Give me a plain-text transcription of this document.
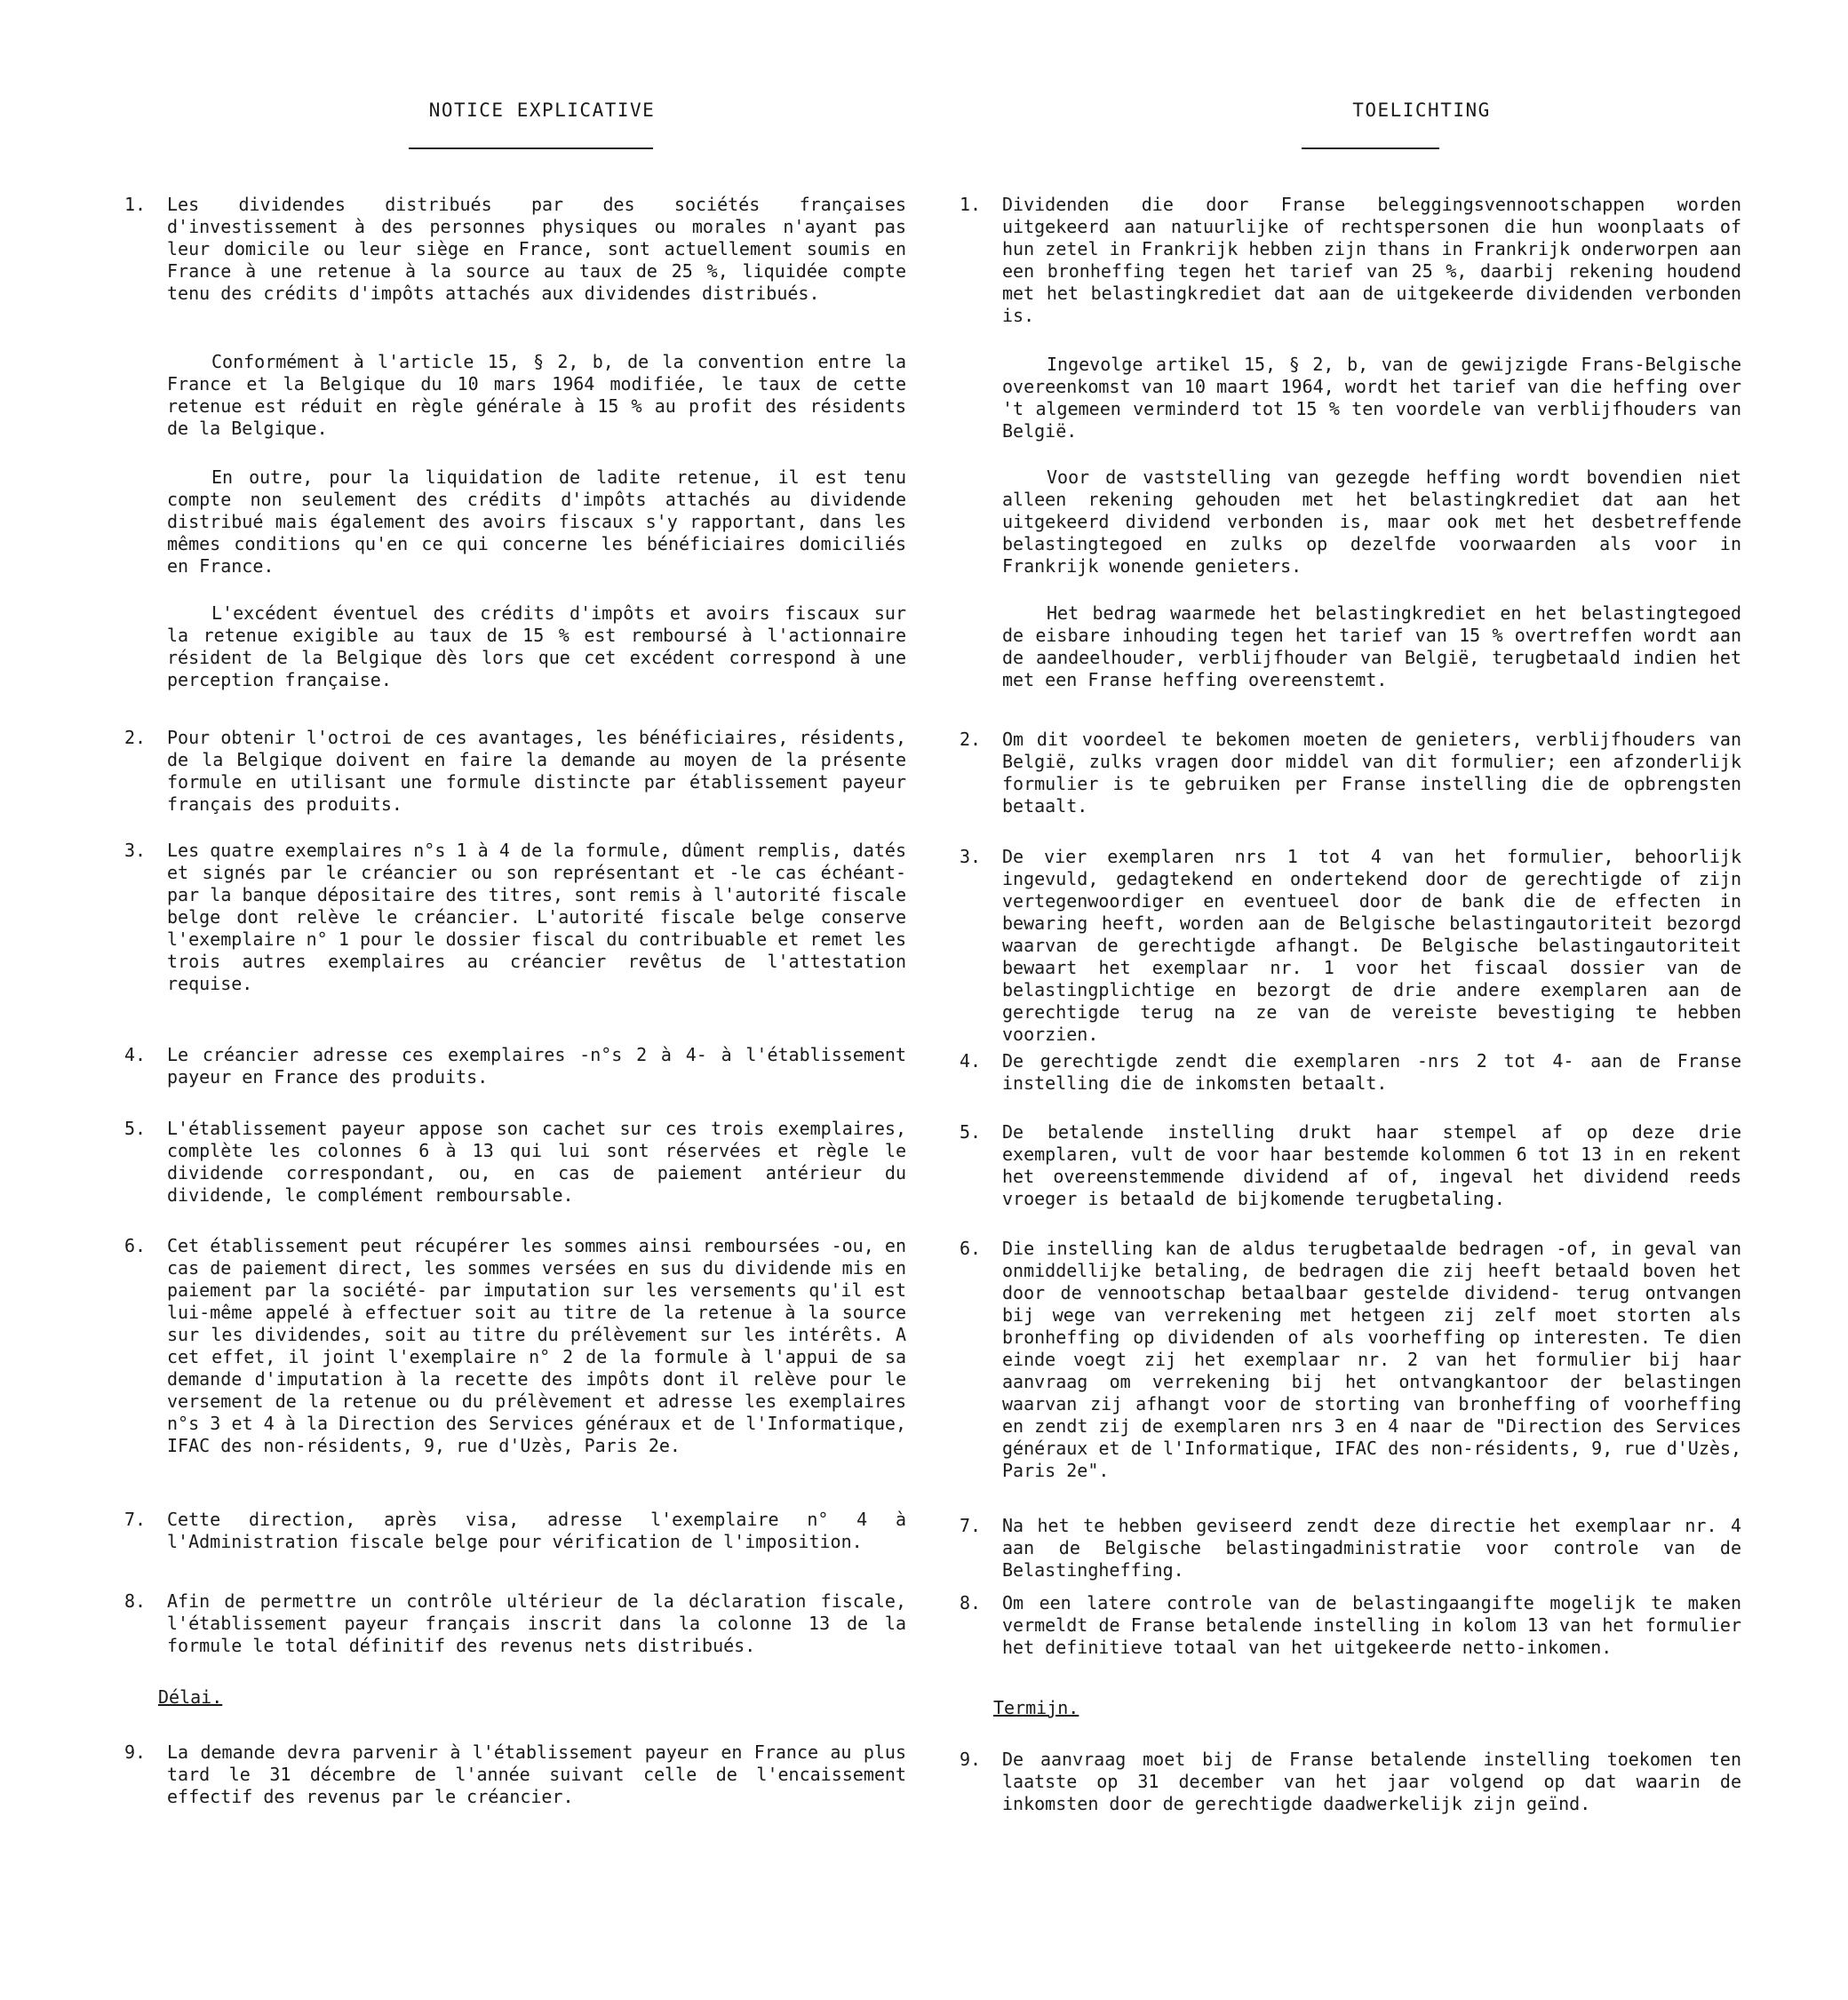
NOTICE EXPLICATIVE
1.	Les dividendes distribués par des sociétés françaises d'investissement à des personnes physiques ou morales n'ayant pas leur domicile ou leur siège en France, sont actuellement soumis en France à une retenue à la source au taux de 25 %, liquidée compte tenu des crédits d'impôts attachés aux dividendes distribués.
Conformément à l'article 15, § 2, b, de la convention entre la France et la Belgique du 10 mars 1964 modifiée, le taux de cette retenue est réduit en règle générale à 15 % au profit des résidents de la Belgique.
En outre, pour la liquidation de ladite retenue, il est tenu compte non seulement des crédits d'impôts attachés au dividende distribué mais également des avoirs fiscaux s'y rapportant, dans les mêmes conditions qu'en ce qui concerne les bénéficiaires domiciliés en France.
L'excédent éventuel des crédits d'impôts et avoirs fiscaux sur la retenue exigible au taux de 15 % est remboursé à l'actionnaire résident de la Belgique dès lors que cet excédent correspond à une perception française.
2.	Pour obtenir l'octroi de ces avantages, les bénéficiaires, résidents, de la Belgique doivent en faire la demande au moyen de la présente formule en utilisant une formule distincte par établissement payeur français des produits.
3.	Les quatre exemplaires n°s 1 à 4 de la formule, dûment remplis, datés et signés par le créancier ou son représentant et -le cas échéant- par la banque dépositaire des titres, sont remis à l'autorité fiscale belge dont relève le créancier. L'autorité fiscale belge conserve l'exemplaire n° 1 pour le dossier fiscal du contribuable et remet les trois autres exemplaires au créancier revêtus de l'attestation requise.
4.	Le créancier adresse ces exemplaires -n°s 2 à 4- à l'établissement payeur en France des produits.
5.	L'établissement payeur appose son cachet sur ces trois exemplaires, complète les colonnes 6 à 13 qui lui sont réservées et règle le dividende correspondant, ou, en cas de paiement antérieur du dividende, le complément remboursable.
6.	Cet établissement peut récupérer les sommes ainsi remboursées -ou, en cas de paiement direct, les sommes versées en sus du dividende mis en paiement par la société- par imputation sur les versements qu'il est lui-même appelé à effectuer soit au titre de la retenue à la source sur les dividendes, soit au titre du prélèvement sur les intérêts. A cet effet, il joint l'exemplaire n° 2 de la formule à l'appui de sa demande d'imputation à la recette des impôts dont il relève pour le versement de la retenue ou du prélèvement et adresse les exemplaires n°s 3 et 4 à la Direction des Services généraux et de l'Informatique, IFAC des non-résidents, 9, rue d'Uzès, Paris 2e.
7.	Cette direction, après visa, adresse l'exemplaire n° 4 à l'Administration fiscale belge pour vérification de l'imposition.
8.	Afin de permettre un contrôle ultérieur de la déclaration fiscale, l'établissement payeur français inscrit dans la colonne 13 de la formule le total définitif des revenus nets distribués.
Délai.
9.	La demande devra parvenir à l'établissement payeur en France au plus tard le 31 décembre de l'année suivant celle de l'encaissement effectif des revenus par le créancier.
TOELICHTING
1.	Dividenden die door Franse beleggingsvennootschappen worden uitgekeerd aan natuurlijke of rechtspersonen die hun woonplaats of hun zetel in Frankrijk hebben zijn thans in Frankrijk onderworpen aan een bronheffing tegen het tarief van 25 %, daarbij rekening houdend met het belastingkrediet dat aan de uitgekeerde dividenden verbonden is.
Ingevolge artikel 15, § 2, b, van de gewijzigde Frans-Belgische overeenkomst van 10 maart 1964, wordt het tarief van die heffing over 't algemeen verminderd tot 15 % ten voordele van verblijfhouders van België.
Voor de vaststelling van gezegde heffing wordt bovendien niet alleen rekening gehouden met het belastingkrediet dat aan het uitgekeerd dividend verbonden is, maar ook met het desbetreffende belastingtegoed en zulks op dezelfde voorwaarden als voor in Frankrijk wonende genieters.
Het bedrag waarmede het belastingkrediet en het belastingtegoed de eisbare inhouding tegen het tarief van 15 % overtreffen wordt aan de aandeelhouder, verblijfhouder van België, terugbetaald indien het met een Franse heffing overeenstemt.
2.	Om dit voordeel te bekomen moeten de genieters, verblijfhouders van België, zulks vragen door middel van dit formulier; een afzonderlijk formulier is te gebruiken per Franse instelling die de opbrengsten betaalt.
3.	De vier exemplaren nrs 1 tot 4 van het formulier, behoorlijk ingevuld, gedagtekend en ondertekend door de gerechtigde of zijn vertegenwoordiger en eventueel door de bank die de effecten in bewaring heeft, worden aan de Belgische belastingautoriteit bezorgd waarvan de gerechtigde afhangt. De Belgische belastingautoriteit bewaart het exemplaar nr. 1 voor het fiscaal dossier van de belastingplichtige en bezorgt de drie andere exemplaren aan de gerechtigde terug na ze van de vereiste bevestiging te hebben voorzien.
4.	De gerechtigde zendt die exemplaren -nrs 2 tot 4- aan de Franse instelling die de inkomsten betaalt.
5.	De betalende instelling drukt haar stempel af op deze drie exemplaren, vult de voor haar bestemde kolommen 6 tot 13 in en rekent het overeenstemmende dividend af of, ingeval het dividend reeds vroeger is betaald de bijkomende terugbetaling.
6.	Die instelling kan de aldus terugbetaalde bedragen -of, in geval van onmiddellijke betaling, de bedragen die zij heeft betaald boven het door de vennootschap betaalbaar gestelde dividend- terug ontvangen bij wege van verrekening met hetgeen zij zelf moet storten als bronheffing op dividenden of als voorheffing op interesten. Te dien einde voegt zij het exemplaar nr. 2 van het formulier bij haar aanvraag om verrekening bij het ontvangkantoor der belastingen waarvan zij afhangt voor de storting van bronheffing of voorheffing en zendt zij de exemplaren nrs 3 en 4 naar de "Direction des Services généraux et de l'Informatique, IFAC des non-résidents, 9, rue d'Uzès, Paris 2e".
7.	Na het te hebben geviseerd zendt deze directie het exemplaar nr. 4 aan de Belgische belastingadministratie voor controle van de Belastingheffing.
8.	Om een latere controle van de belastingaangifte mogelijk te maken vermeldt de Franse betalende instelling in kolom 13 van het formulier het definitieve totaal van het uitgekeerde netto-inkomen.
Termijn.
9.	De aanvraag moet bij de Franse betalende instelling toekomen ten laatste op 31 december van het jaar volgend op dat waarin de inkomsten door de gerechtigde daadwerkelijk zijn geïnd.
